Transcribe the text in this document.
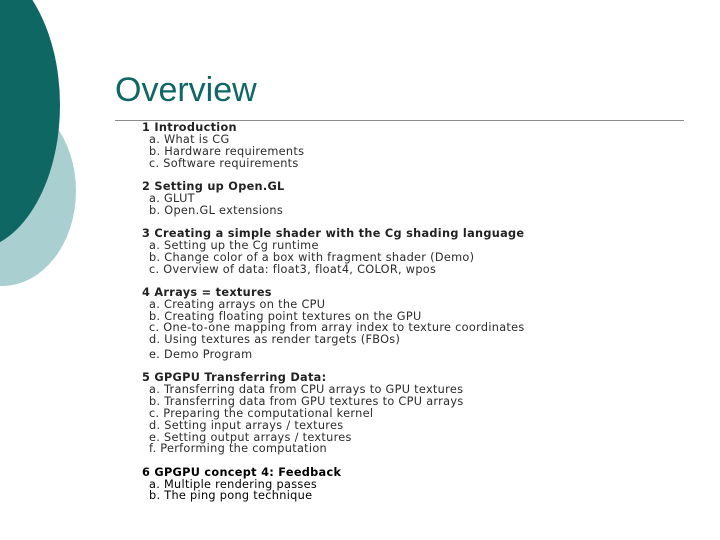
Overview
1 Introduction
a. What is CG
b. Hardware requirements
c. Software requirements
2 Setting up Open.GL
a. GLUT
b. Open.GL extensions
3 Creating a simple shader with the Cg shading language
a. Setting up the Cg runtime
b. Change color of a box with fragment shader (Demo)
c. Overview of data: float3, float4, COLOR, wpos
4 Arrays = textures
a. Creating arrays on the CPU
b. Creating floating point textures on the GPU
c. One-to-one mapping from array index to texture coordinates
d. Using textures as render targets (FBOs)
e. Demo Program
5 GPGPU Transferring Data:
a. Transferring data from CPU arrays to GPU textures
b. Transferring data from GPU textures to CPU arrays
c. Preparing the computational kernel
d. Setting input arrays / textures
e. Setting output arrays / textures
f. Performing the computation
6 GPGPU concept 4: Feedback
a. Multiple rendering passes
b. The ping pong technique
